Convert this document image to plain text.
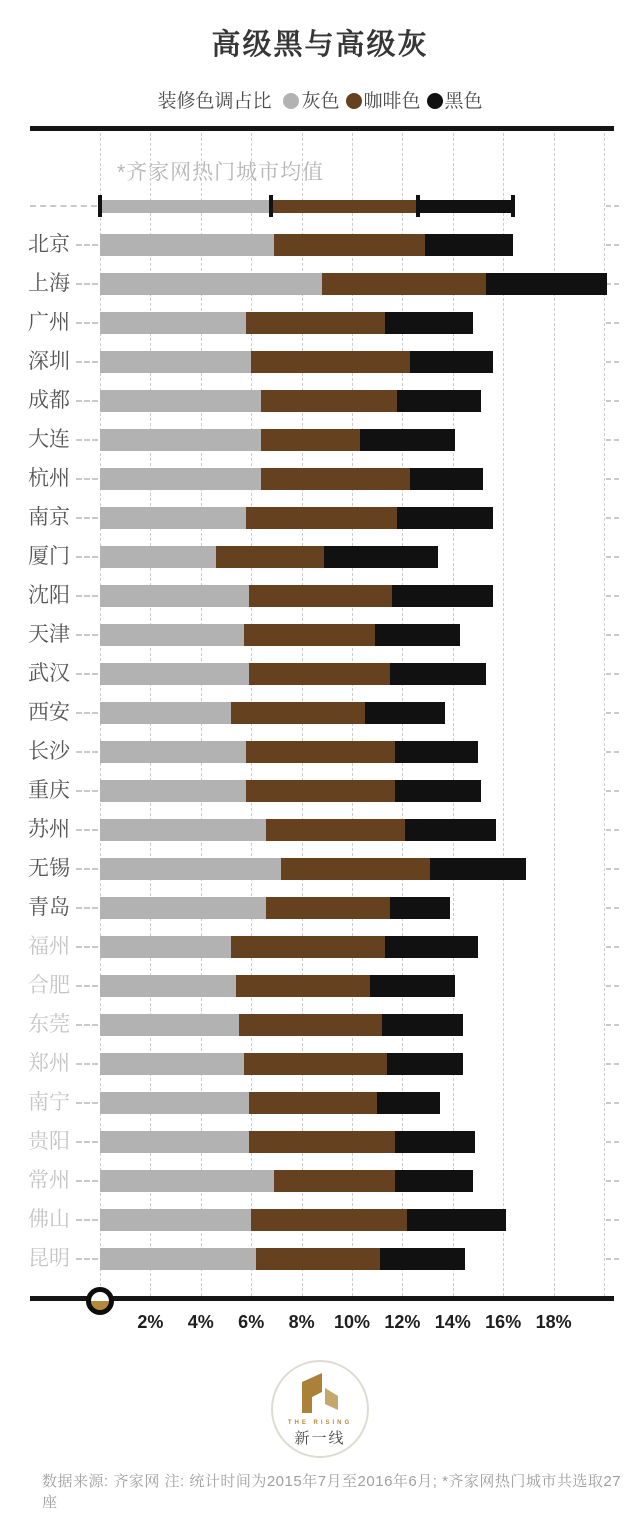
高级黑与高级灰
装修色调占比 灰色 咖啡色 黑色
*齐家网热门城市均值
北京
上海
广州
深圳
成都
大连
杭州
南京
厦门
沈阳
天津
武汉
西安
长沙
重庆
苏州
无锡
青岛
福州
合肥
东莞
郑州
南宁
贵阳
常州
佛山
昆明
2% 4% 6% 8% 10% 12% 14% 16% 18%
THE RISING
新一线
数据来源: 齐家网 注: 统计时间为2015年7月至2016年6月; *齐家网热门城市共选取27座
